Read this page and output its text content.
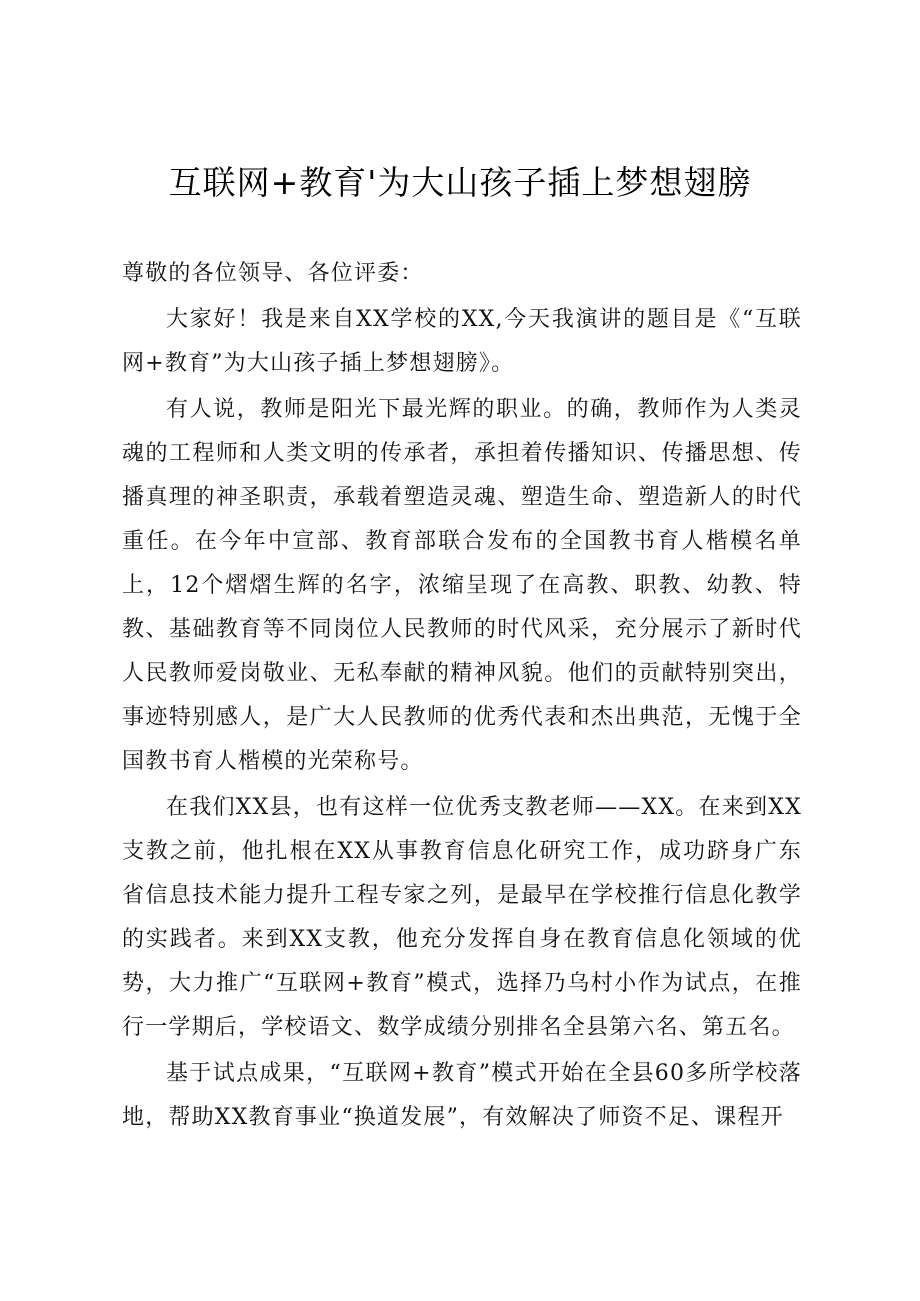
互联网+教育'为大山孩子插上梦想翅膀

尊敬的各位领导、各位评委：

大家好！我是来自XX学校的XX,今天我演讲的题目是《“互联网+教育”为大山孩子插上梦想翅膀》。

有人说，教师是阳光下最光辉的职业。的确，教师作为人类灵魂的工程师和人类文明的传承者，承担着传播知识、传播思想、传播真理的神圣职责，承载着塑造灵魂、塑造生命、塑造新人的时代重任。在今年中宣部、教育部联合发布的全国教书育人楷模名单上，12个熠熠生辉的名字，浓缩呈现了在高教、职教、幼教、特教、基础教育等不同岗位人民教师的时代风采，充分展示了新时代人民教师爱岗敬业、无私奉献的精神风貌。他们的贡献特别突出，事迹特别感人，是广大人民教师的优秀代表和杰出典范，无愧于全国教书育人楷模的光荣称号。

在我们XX县，也有这样一位优秀支教老师——XX。在来到XX支教之前，他扎根在XX从事教育信息化研究工作，成功跻身广东省信息技术能力提升工程专家之列，是最早在学校推行信息化教学的实践者。来到XX支教，他充分发挥自身在教育信息化领域的优势，大力推广“互联网+教育”模式，选择乃乌村小作为试点，在推行一学期后，学校语文、数学成绩分别排名全县第六名、第五名。

基于试点成果，“互联网+教育”模式开始在全县60多所学校落地，帮助XX教育事业“换道发展”，有效解决了师资不足、课程开
